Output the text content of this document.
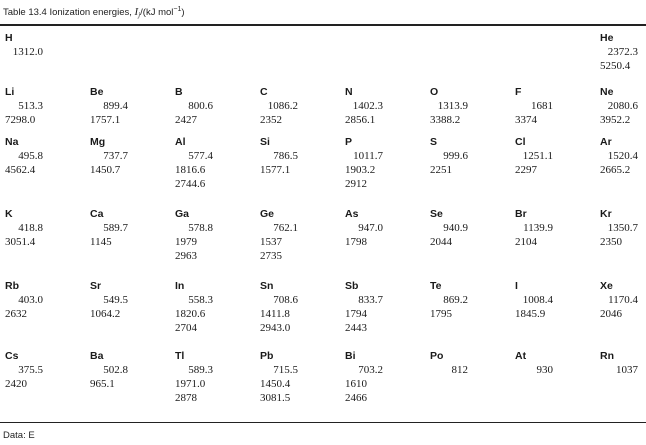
Table 13.4 Ionization energies, $I_j/(kJ$ mol$^{-1}$)
H
1312.0
He
2372.3
5250.4
Li
513.3
7298.0
Be
899.4
1757.1
B
800.6
2427
C
1086.2
2352
N
1402.3
2856.1
O
1313.9
3388.2
F
1681
3374
Ne
2080.6
3952.2
Na
495.8
4562.4
Mg
737.7
1450.7
Al
577.4
1816.6
2744.6
Si
786.5
1577.1
P
1011.7
1903.2
2912
S
999.6
2251
Cl
1251.1
2297
Ar
1520.4
2665.2
K
418.8
3051.4
Ca
589.7
1145
Ga
578.8
1979
2963
Ge
762.1
1537
2735
As
947.0
1798
Se
940.9
2044
Br
1139.9
2104
Kr
1350.7
2350
Rb
403.0
2632
Sr
549.5
1064.2
In
558.3
1820.6
2704
Sn
708.6
1411.8
2943.0
Sb
833.7
1794
2443
Te
869.2
1795
I
1008.4
1845.9
Xe
1170.4
2046
Cs
375.5
2420
Ba
502.8
965.1
Tl
589.3
1971.0
2878
Pb
715.5
1450.4
3081.5
Bi
703.2
1610
2466
Po
812
At
930
Rn
1037
Data: E
